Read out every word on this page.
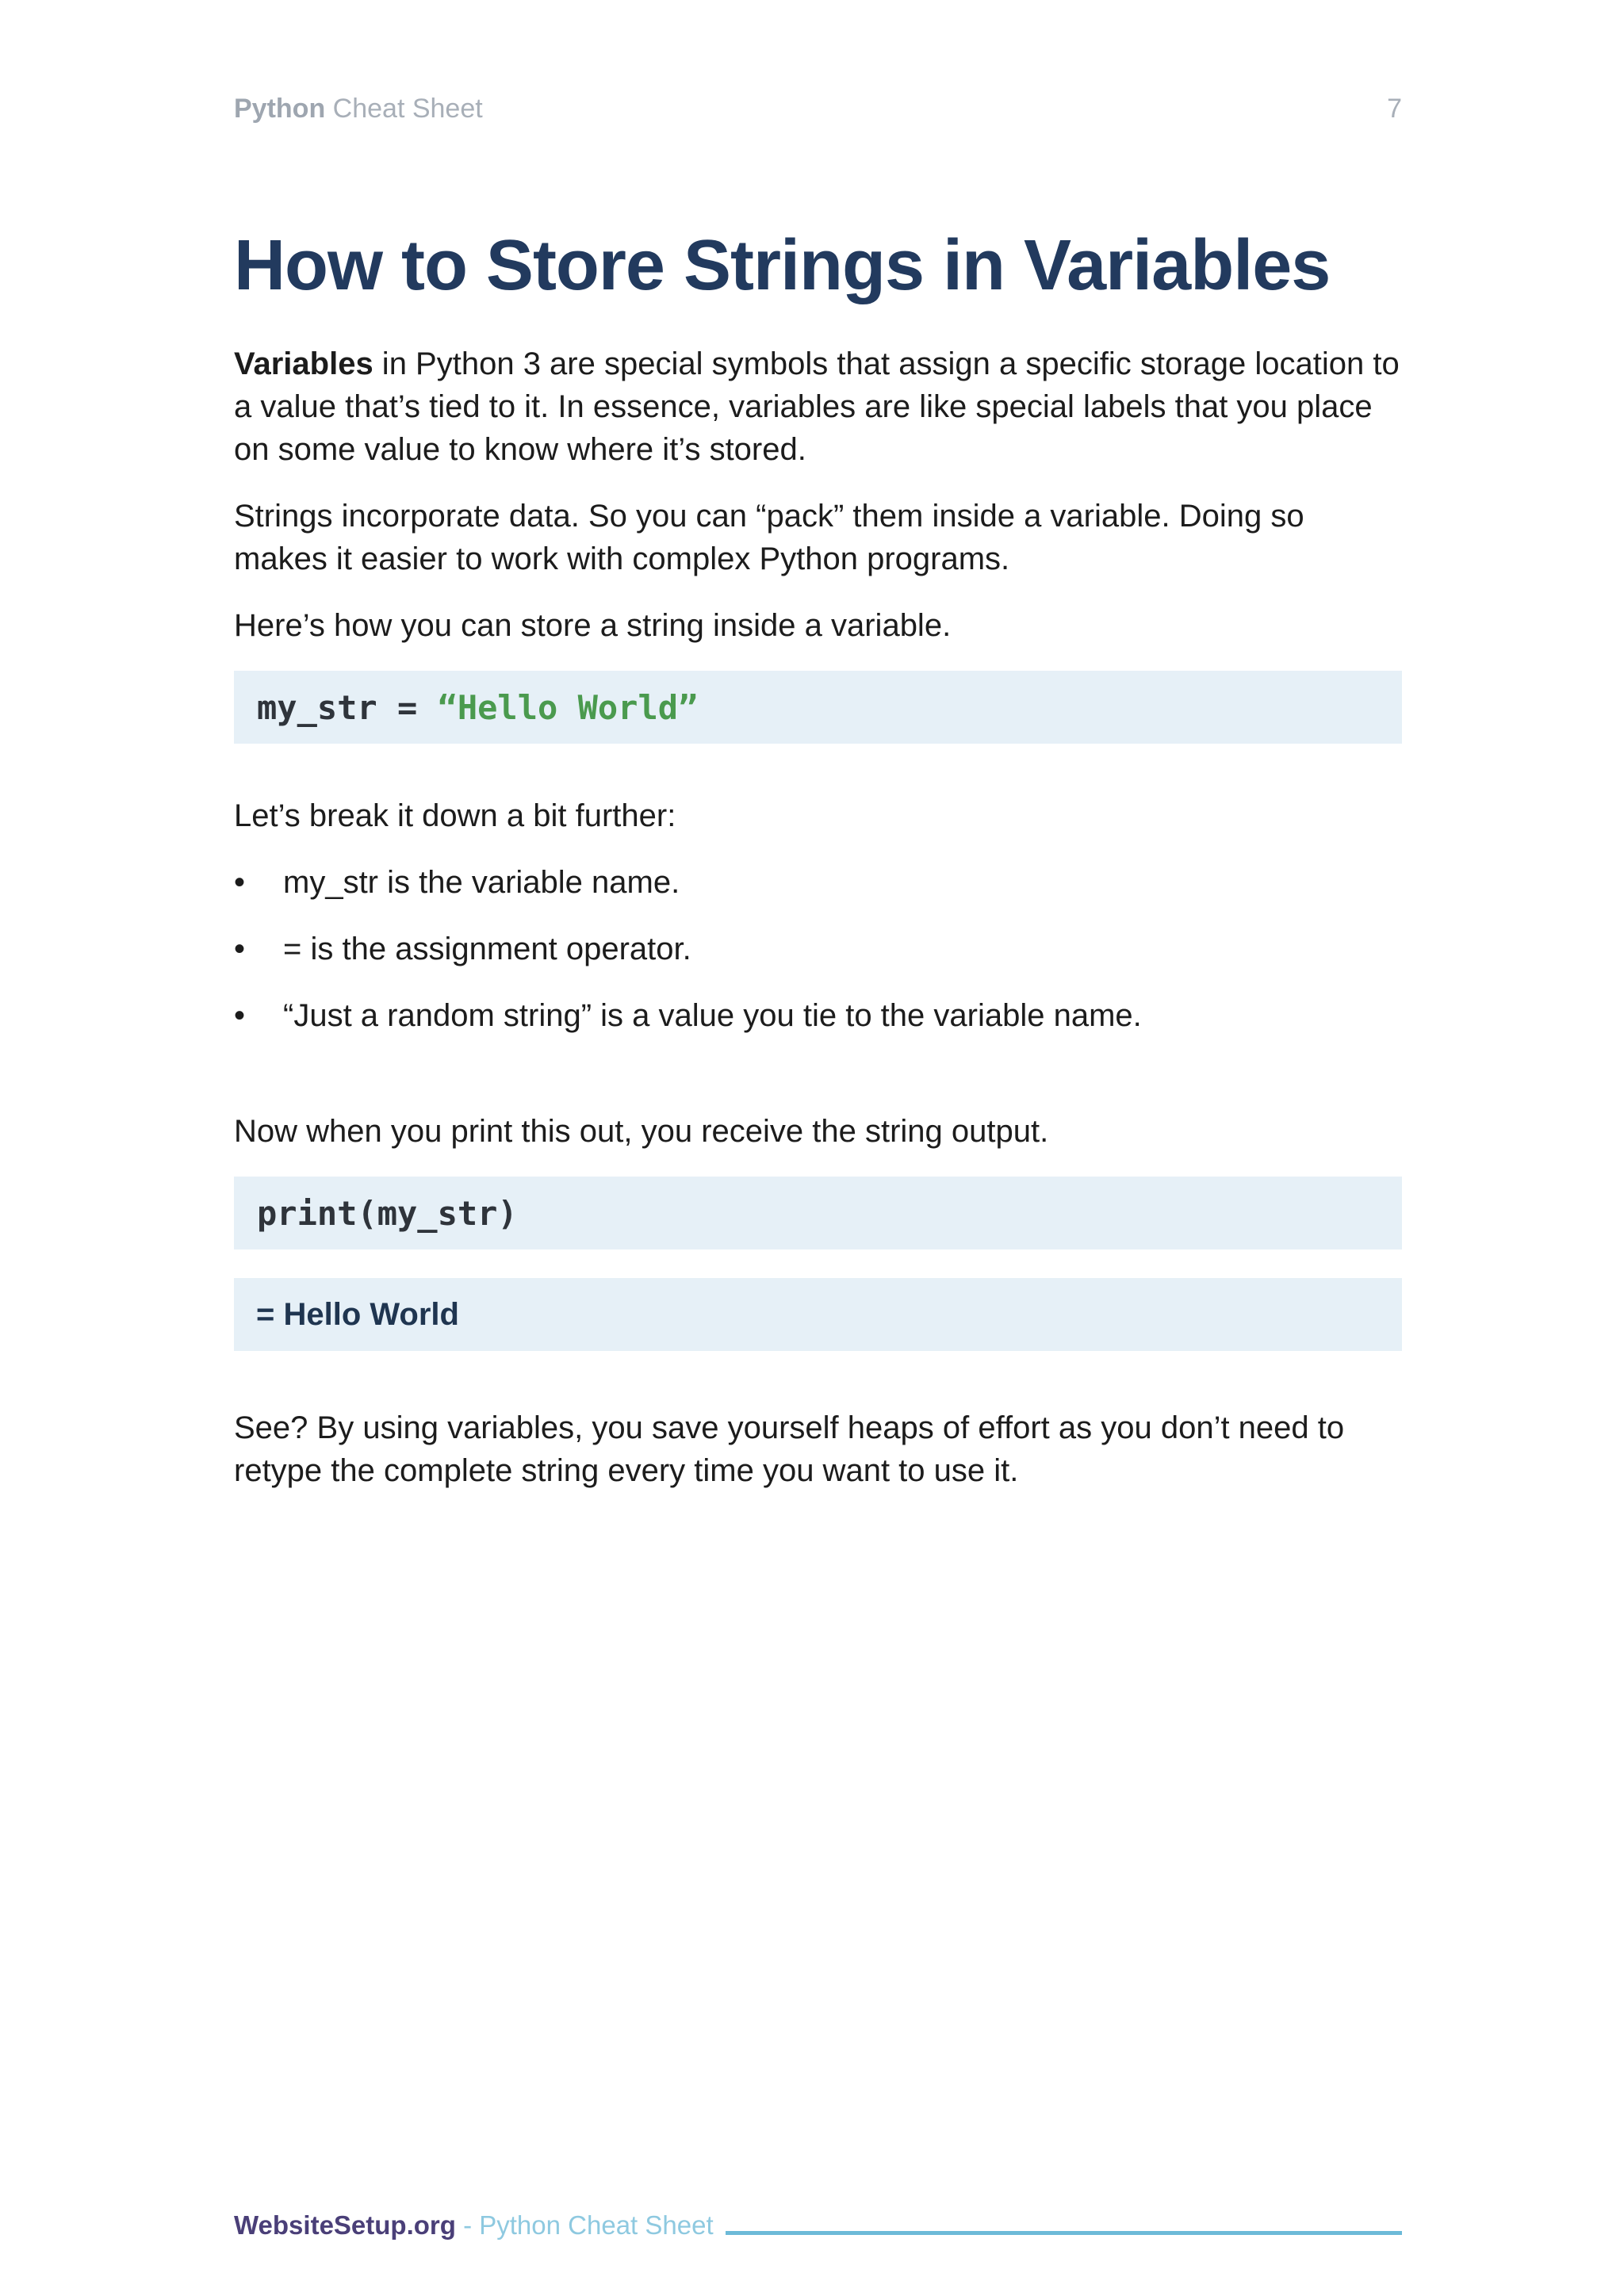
Python Cheat Sheet	7
How to Store Strings in Variables

Variables in Python 3 are special symbols that assign a specific storage location to a value that’s tied to it. In essence, variables are like special labels that you place on some value to know where it’s stored.

Strings incorporate data. So you can “pack” them inside a variable. Doing so makes it easier to work with complex Python programs.

Here’s how you can store a string inside a variable.

my_str = “Hello World”

Let’s break it down a bit further:

• my_str is the variable name.
• = is the assignment operator.
• “Just a random string” is a value you tie to the variable name.

Now when you print this out, you receive the string output.

print(my_str)
= Hello World

See? By using variables, you save yourself heaps of effort as you don’t need to retype the complete string every time you want to use it.

WebsiteSetup.org - Python Cheat Sheet
